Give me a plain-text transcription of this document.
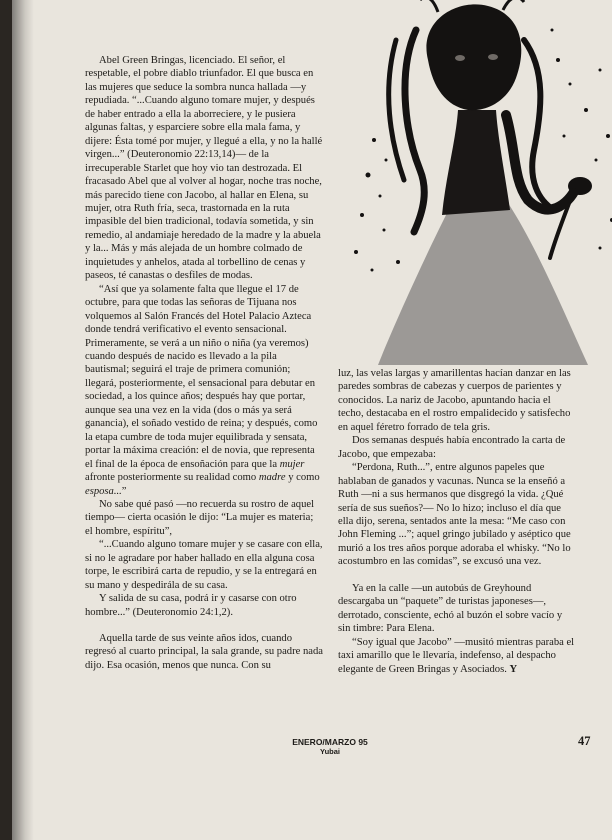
Abel Green Bringas, licenciado. El señor, el respetable, el pobre diablo triunfador. El que busca en las mujeres que seduce la sombra nunca hallada —y repudiada. “...Cuando alguno tomare mujer, y después de haber entrado a ella la aborreciere, y le pusiera algunas faltas, y esparciere sobre ella mala fama, y dijere: Ésta tomé por mujer, y llegué a ella, y no la hallé virgen...” (Deuteronomio 22:13,14)— de la irrecuperable Starlet que hoy vio tan destrozada. El fracasado Abel que al volver al hogar, noche tras noche, más parecido tiene con Jacobo, al hallar en Elena, su mujer, otra Ruth fría, seca, trastornada en la ruta impasible del bien tradicional, todavía sometida, y sin remedio, al andamiaje heredado de la madre y la abuela y la... Más y más alejada de un hombre colmado de inquietudes y anhelos, atada al torbellino de cenas y paseos, té canastas o desfiles de modas.

“Así que ya solamente falta que llegue el 17 de octubre, para que todas las señoras de Tijuana nos volquemos al Salón Francés del Hotel Palacio Azteca donde tendrá verificativo el evento sensacional. Primeramente, se verá a un niño o niña (ya veremos) cuando después de nacido es llevado a la pila bautismal; seguirá el traje de primera comunión; llegará, posteriormente, el sensacional para debutar en sociedad, a los quince años; después hay que portar, aunque sea una vez en la vida (dos o más ya será ganancia), el soñado vestido de reina; y después, como la etapa cumbre de toda mujer equilibrada y sensata, portar la máxima creación: el de novia, que representa el final de la época de ensoñación para que la mujer afronte posteriormente su realidad como madre y como esposa...”

No sabe qué pasó —no recuerda su rostro de aquel tiempo— cierta ocasión le dijo: “La mujer es materia; el hombre, espíritu”,

“...Cuando alguno tomare mujer y se casare con ella, si no le agradare por haber hallado en ella alguna cosa torpe, le escribirá carta de repudio, y se la entregará en su mano y despedirála de su casa.

Y salida de su casa, podrá ir y casarse con otro hombre...” (Deuteronomio 24:1,2).

Aquella tarde de sus veinte años idos, cuando regresó al cuarto principal, la sala grande, su padre nada dijo. Esa ocasión, menos que nunca. Con su

luz, las velas largas y amarillentas hacían danzar en las paredes sombras de cabezas y cuerpos de parientes y conocidos. La nariz de Jacobo, apuntando hacia el techo, destacaba en el rostro empalidecido y satisfecho en aquel féretro forrado de tela gris.

Dos semanas después había encontrado la carta de Jacobo, que empezaba:

“Perdona, Ruth...”, entre algunos papeles que hablaban de ganados y vacunas. Nunca se la enseñó a Ruth —ni a sus hermanos que disgregó la vida. ¿Qué sería de sus sueños?— No lo hizo; incluso el día que ella dijo, serena, sentados ante la mesa: “Me caso con John Fleming ...”; aquel gringo jubilado y aséptico que murió a los tres años porque adoraba el whisky. “No lo acostumbro en las comidas”, se excusó una vez.

Ya en la calle —un autobús de Greyhound descargaba un “paquete” de turistas japoneses—, derrotado, consciente, echó al buzón el sobre vacío y sin timbre: Para Elena.

“Soy igual que Jacobo” —musitó mientras paraba el taxi amarillo que le llevaría, indefenso, al despacho elegante de Green Bringas y Asociados. Y

ENERO/MARZO 95
Yubai
47
